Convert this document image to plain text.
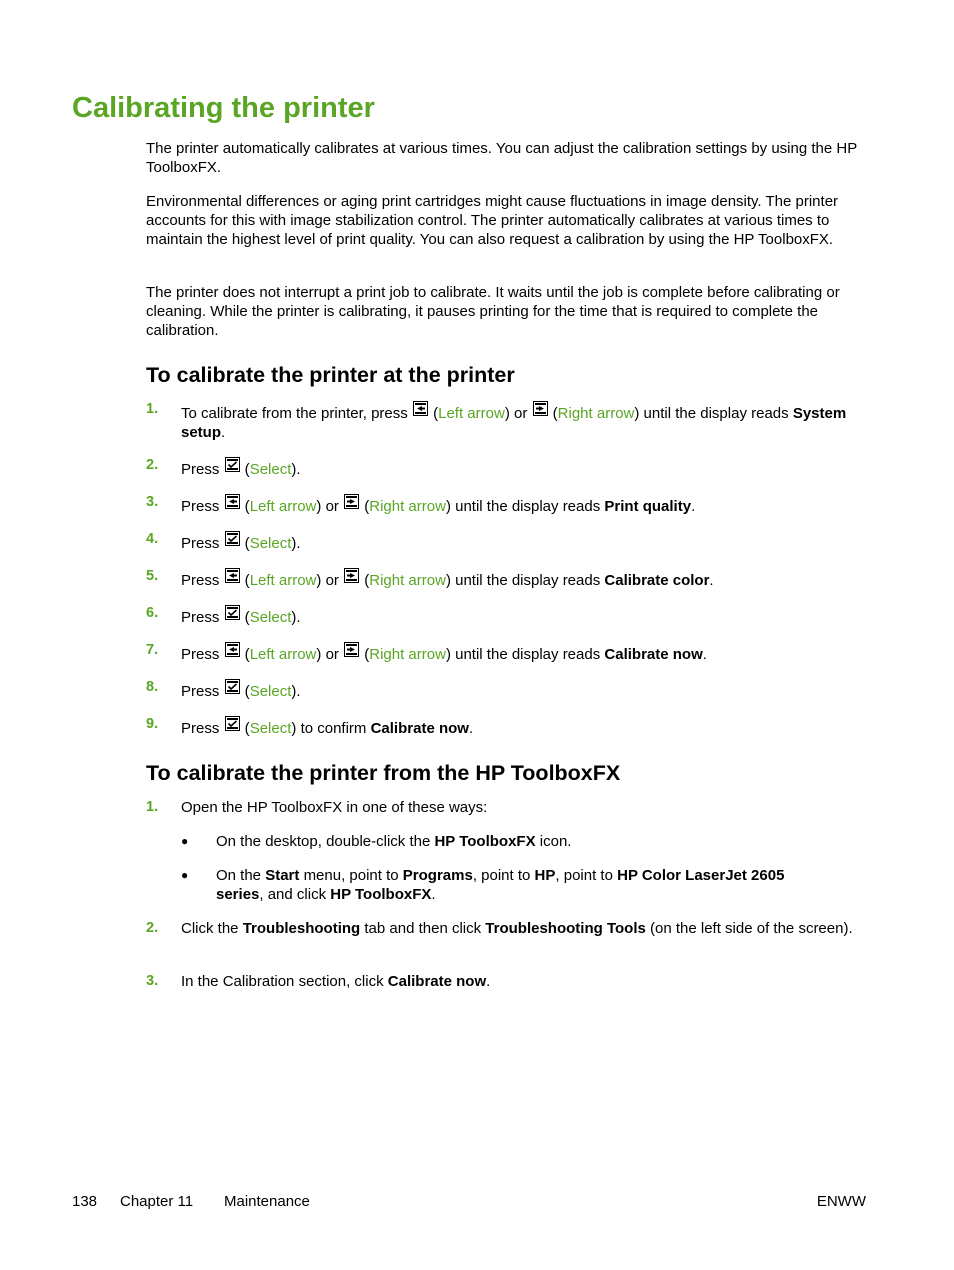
Calibrating the printer

The printer automatically calibrates at various times. You can adjust the calibration settings by using the HP ToolboxFX.

Environmental differences or aging print cartridges might cause fluctuations in image density. The printer accounts for this with image stabilization control. The printer automatically calibrates at various times to maintain the highest level of print quality. You can also request a calibration by using the HP ToolboxFX.

The printer does not interrupt a print job to calibrate. It waits until the job is complete before calibrating or cleaning. While the printer is calibrating, it pauses printing for the time that is required to complete the calibration.

To calibrate the printer at the printer
1. To calibrate from the printer, press  (Left arrow) or  (Right arrow) until the display reads System setup.
2. Press  (Select).
3. Press  (Left arrow) or  (Right arrow) until the display reads Print quality.
4. Press  (Select).
5. Press  (Left arrow) or  (Right arrow) until the display reads Calibrate color.
6. Press  (Select).
7. Press  (Left arrow) or  (Right arrow) until the display reads Calibrate now.
8. Press  (Select).
9. Press  (Select) to confirm Calibrate now.
To calibrate the printer from the HP ToolboxFX
1. Open the HP ToolboxFX in one of these ways:
● On the desktop, double-click the HP ToolboxFX icon.
● On the Start menu, point to Programs, point to HP, point to HP Color LaserJet 2605 series, and click HP ToolboxFX.
2. Click the Troubleshooting tab and then click Troubleshooting Tools (on the left side of the screen).
3. In the Calibration section, click Calibrate now.
138 Chapter 11 Maintenance	ENWW
